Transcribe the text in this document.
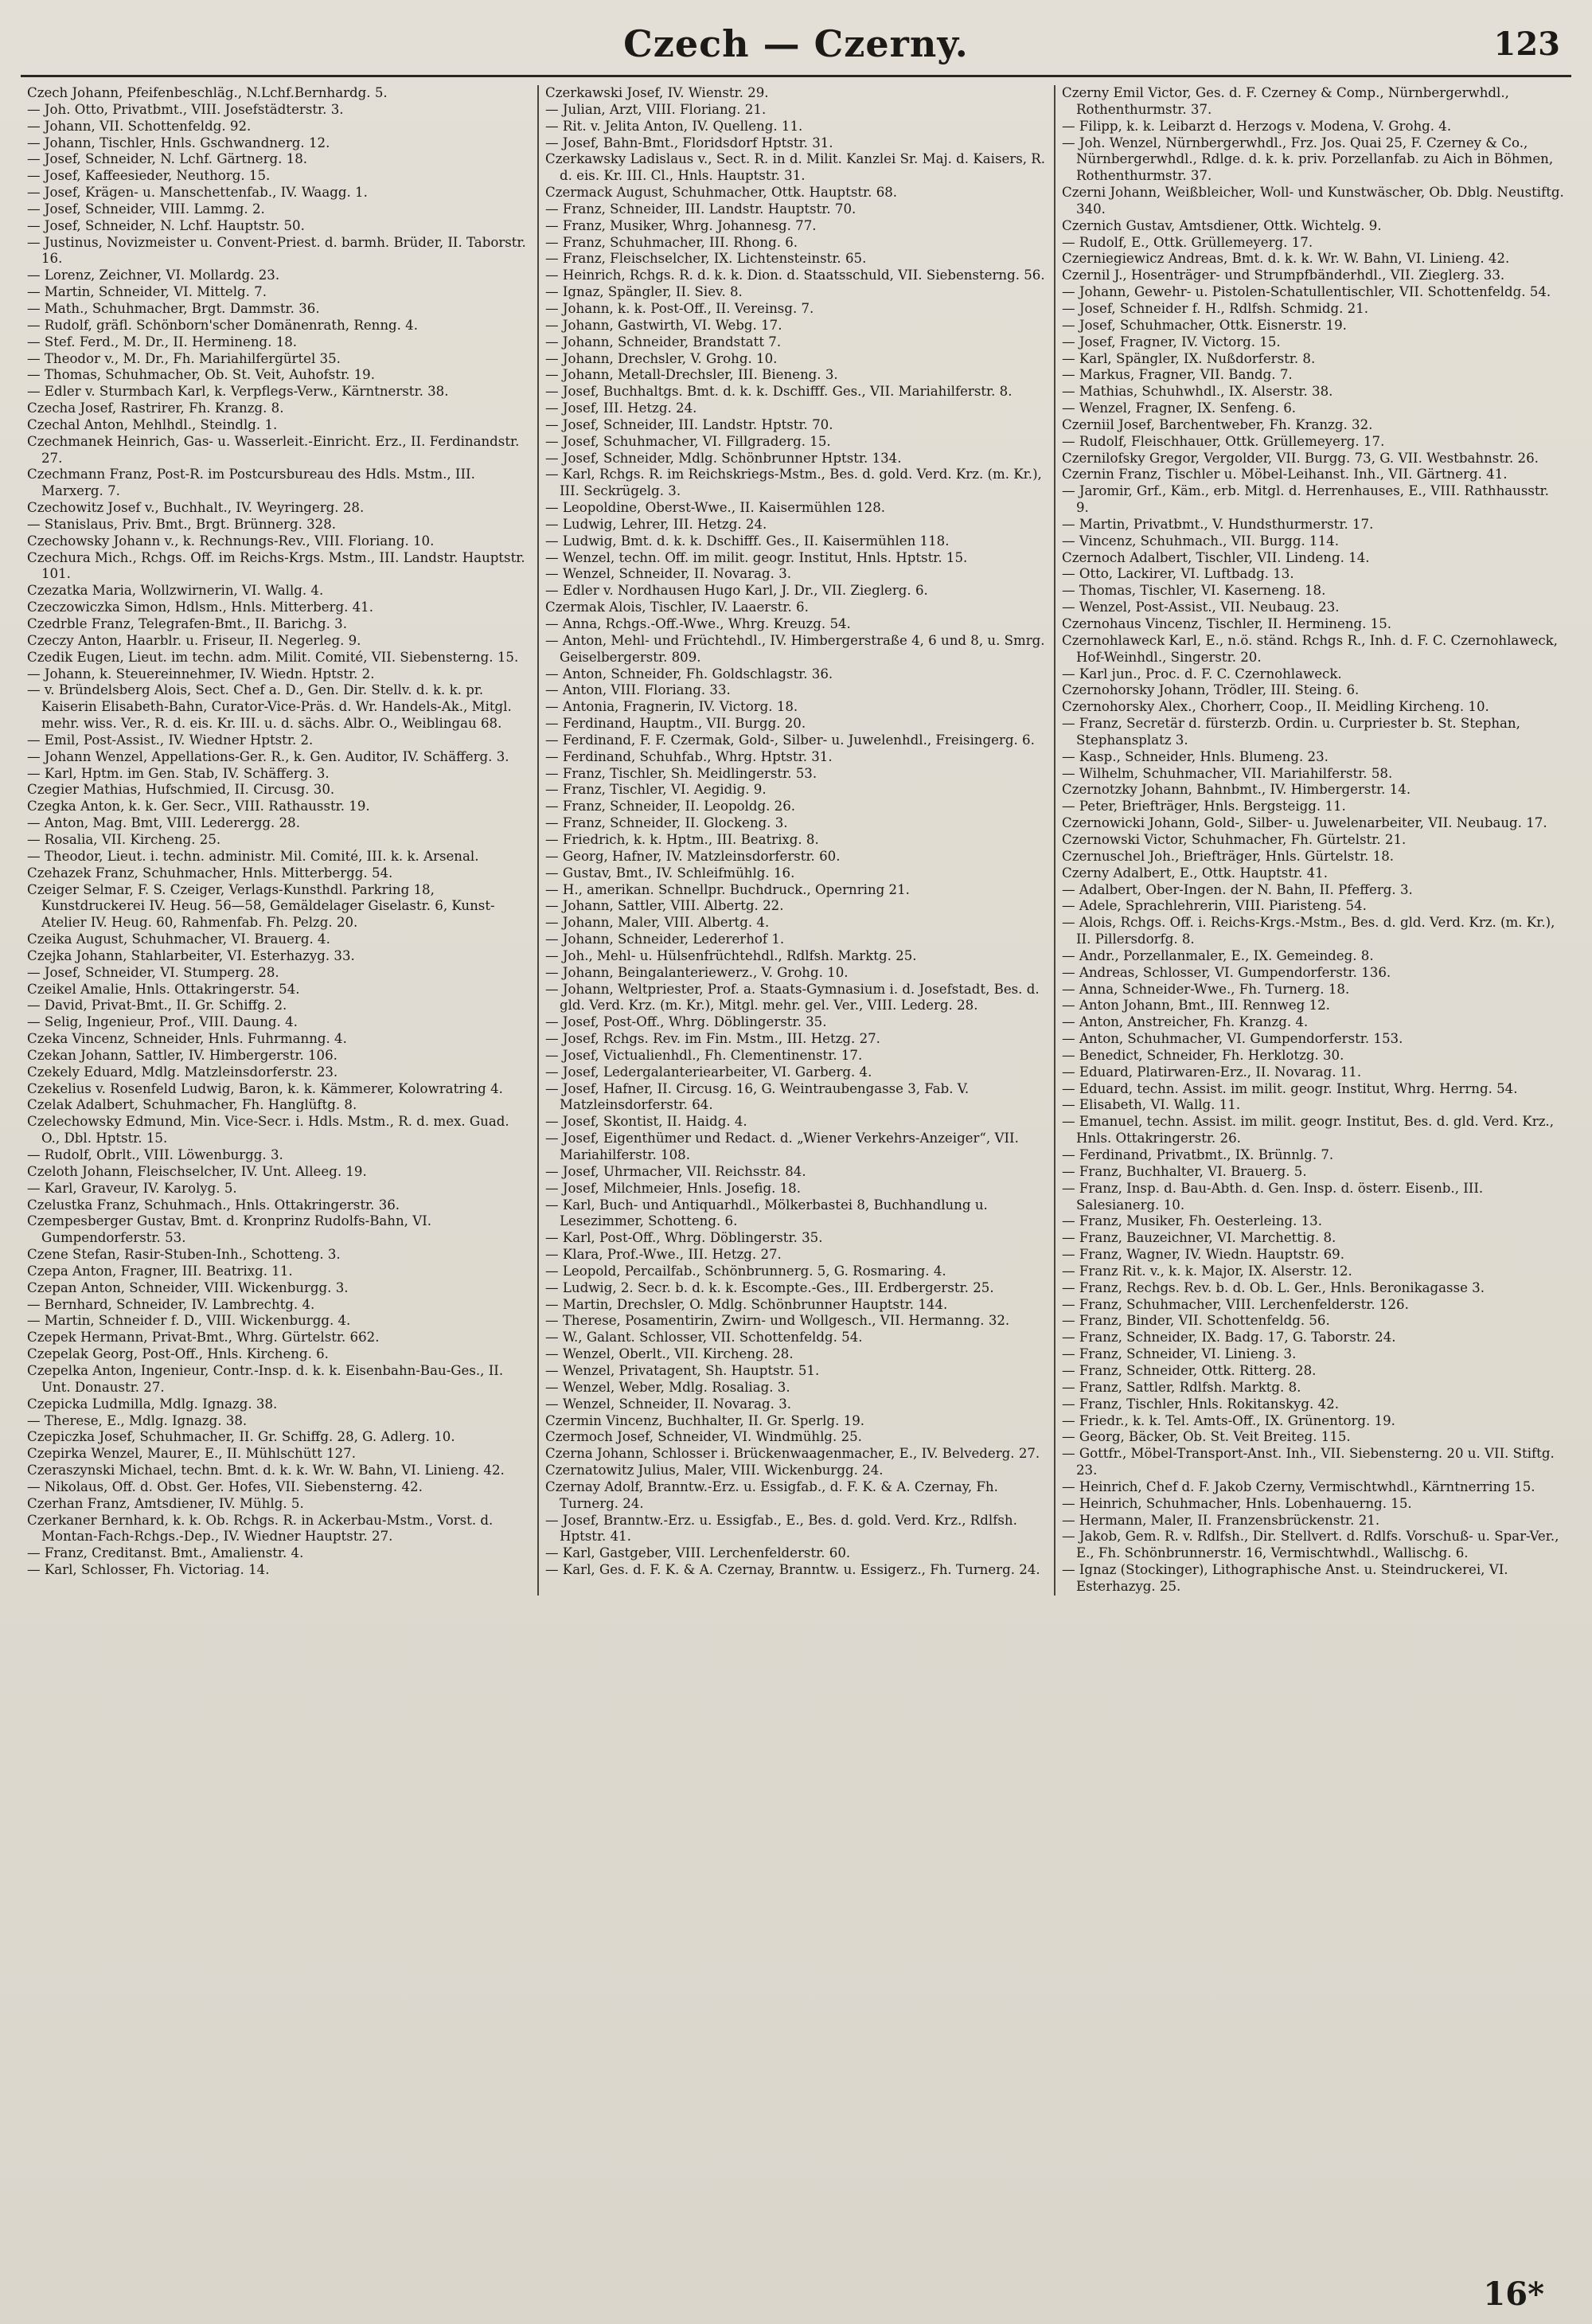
Czech — Czerny.	123
Czech Johann, Pfeifenbeschläg., N.Lchf.Bernhardg. 5.
— Joh. Otto, Privatbmt., VIII. Josefstädterstr. 3.
— Johann, VII. Schottenfeldg. 92.
— Johann, Tischler, Hnls. Gschwandnerg. 12.
— Josef, Schneider, N. Lchf. Gärtnerg. 18.
— Josef, Kaffeesieder, Neuthorg. 15.
— Josef, Krägen- u. Manschettenfab., IV. Waagg. 1.
— Josef, Schneider, VIII. Lammg. 2.
— Josef, Schneider, N. Lchf. Hauptstr. 50.
— Justinus, Novizmeister u. Convent-Priest. d. barmh. Brüder, II. Taborstr. 16.
— Lorenz, Zeichner, VI. Mollardg. 23.
— Martin, Schneider, VI. Mittelg. 7.
— Math., Schuhmacher, Brgt. Dammstr. 36.
— Rudolf, gräfl. Schönborn'scher Domänenrath, Renng. 4.
— Stef. Ferd., M. Dr., II. Hermineng. 18.
— Theodor v., M. Dr., Fh. Mariahilfergürtel 35.
— Thomas, Schuhmacher, Ob. St. Veit, Auhofstr. 19.
— Edler v. Sturmbach Karl, k. Verpflegs-Verw., Kärntnerstr. 38.
Czecha Josef, Rastrirer, Fh. Kranzg. 8.
Czechal Anton, Mehlhdl., Steindlg. 1.
Czechmanek Heinrich, Gas- u. Wasserleit.-Einricht. Erz., II. Ferdinandstr. 27.
Czechmann Franz, Post-R. im Postcursbureau des Hdls. Mstm., III. Marxerg. 7.
Czechowitz Josef v., Buchhalt., IV. Weyringerg. 28.
— Stanislaus, Priv. Bmt., Brgt. Brünnerg. 328.
Czechowsky Johann v., k. Rechnungs-Rev., VIII. Floriang. 10.
Czechura Mich., Rchgs. Off. im Reichs-Krgs. Mstm., III. Landstr. Hauptstr. 101.
Czezatka Maria, Wollzwirnerin, VI. Wallg. 4.
Czeczowiczka Simon, Hdlsm., Hnls. Mitterberg. 41.
Czedrble Franz, Telegrafen-Bmt., II. Barichg. 3.
Czeczy Anton, Haarblr. u. Friseur, II. Negerleg. 9.
Czedik Eugen, Lieut. im techn. adm. Milit. Comité, VII. Siebensterng. 15.
— Johann, k. Steuereinnehmer, IV. Wiedn. Hptstr. 2.
— v. Bründelsberg Alois, Sect. Chef a. D., Gen. Dir. Stellv. d. k. k. pr. Kaiserin Elisabeth-Bahn, Curator-Vice-Präs. d. Wr. Handels-Ak., Mitgl. mehr. wiss. Ver., R. d. eis. Kr. III. u. d. sächs. Albr. O., Weiblingau 68.
— Emil, Post-Assist., IV. Wiedner Hptstr. 2.
— Johann Wenzel, Appellations-Ger. R., k. Gen. Auditor, IV. Schäfferg. 3.
— Karl, Hptm. im Gen. Stab, IV. Schäfferg. 3.
Czegier Mathias, Hufschmied, II. Circusg. 30.
Czegka Anton, k. k. Ger. Secr., VIII. Rathausstr. 19.
— Anton, Mag. Bmt, VIII. Lederergg. 28.
— Rosalia, VII. Kircheng. 25.
— Theodor, Lieut. i. techn. administr. Mil. Comité, III. k. k. Arsenal.
Czehazek Franz, Schuhmacher, Hnls. Mitterbergg. 54.
Czeiger Selmar, F. S. Czeiger, Verlags-Kunsthdl. Parkring 18, Kunstdruckerei IV. Heug. 56—58, Gemäldelager Giselastr. 6, Kunst-Atelier IV. Heug. 60, Rahmenfab. Fh. Pelzg. 20.
Czeika August, Schuhmacher, VI. Brauerg. 4.
Czejka Johann, Stahlarbeiter, VI. Esterhazyg. 33.
— Josef, Schneider, VI. Stumperg. 28.
Czeikel Amalie, Hnls. Ottakringerstr. 54.
— David, Privat-Bmt., II. Gr. Schiffg. 2.
— Selig, Ingenieur, Prof., VIII. Daung. 4.
Czeka Vincenz, Schneider, Hnls. Fuhrmanng. 4.
Czekan Johann, Sattler, IV. Himbergerstr. 106.
Czekely Eduard, Mdlg. Matzleinsdorferstr. 23.
Czekelius v. Rosenfeld Ludwig, Baron, k. k. Kämmerer, Kolowratring 4.
Czelak Adalbert, Schuhmacher, Fh. Hanglüftg. 8.
Czelechowsky Edmund, Min. Vice-Secr. i. Hdls. Mstm., R. d. mex. Guad. O., Dbl. Hptstr. 15.
— Rudolf, Obrlt., VIII. Löwenburgg. 3.
Czeloth Johann, Fleischselcher, IV. Unt. Alleeg. 19.
— Karl, Graveur, IV. Karolyg. 5.
Czelustka Franz, Schuhmach., Hnls. Ottakringerstr. 36.
Czempesberger Gustav, Bmt. d. Kronprinz Rudolfs-Bahn, VI. Gumpendorferstr. 53.
Czene Stefan, Rasir-Stuben-Inh., Schotteng. 3.
Czepa Anton, Fragner, III. Beatrixg. 11.
Czepan Anton, Schneider, VIII. Wickenburgg. 3.
— Bernhard, Schneider, IV. Lambrechtg. 4.
— Martin, Schneider f. D., VIII. Wickenburgg. 4.
Czepek Hermann, Privat-Bmt., Whrg. Gürtelstr. 662.
Czepelak Georg, Post-Off., Hnls. Kircheng. 6.
Czepelka Anton, Ingenieur, Contr.-Insp. d. k. k. Eisenbahn-Bau-Ges., II. Unt. Donaustr. 27.
Czepicka Ludmilla, Mdlg. Ignazg. 38.
— Therese, E., Mdlg. Ignazg. 38.
Czepiczka Josef, Schuhmacher, II. Gr. Schiffg. 28, G. Adlerg. 10.
Czepirka Wenzel, Maurer, E., II. Mühlschütt 127.
Czeraszynski Michael, techn. Bmt. d. k. k. Wr. W. Bahn, VI. Linieng. 42.
— Nikolaus, Off. d. Obst. Ger. Hofes, VII. Siebensterng. 42.
Czerhan Franz, Amtsdiener, IV. Mühlg. 5.
Czerkaner Bernhard, k. k. Ob. Rchgs. R. in Ackerbau-Mstm., Vorst. d. Montan-Fach-Rchgs.-Dep., IV. Wiedner Hauptstr. 27.
— Franz, Creditanst. Bmt., Amalienstr. 4.
— Karl, Schlosser, Fh. Victoriag. 14.
Czerkawski Josef, IV. Wienstr. 29.
— Julian, Arzt, VIII. Floriang. 21.
— Rit. v. Jelita Anton, IV. Quelleng. 11.
— Josef, Bahn-Bmt., Floridsdorf Hptstr. 31.
Czerkawsky Ladislaus v., Sect. R. in d. Milit. Kanzlei Sr. Maj. d. Kaisers, R. d. eis. Kr. III. Cl., Hnls. Hauptstr. 31.
Czermack August, Schuhmacher, Ottk. Hauptstr. 68.
— Franz, Schneider, III. Landstr. Hauptstr. 70.
— Franz, Musiker, Whrg. Johannesg. 77.
— Franz, Schuhmacher, III. Rhong. 6.
— Franz, Fleischselcher, IX. Lichtensteinstr. 65.
— Heinrich, Rchgs. R. d. k. k. Dion. d. Staatsschuld, VII. Siebensterng. 56.
— Ignaz, Spängler, II. Siev. 8.
— Johann, k. k. Post-Off., II. Vereinsg. 7.
— Johann, Gastwirth, VI. Webg. 17.
— Johann, Schneider, Brandstatt 7.
— Johann, Drechsler, V. Grohg. 10.
— Johann, Metall-Drechsler, III. Bieneng. 3.
— Josef, Buchhaltgs. Bmt. d. k. k. Dschifff. Ges., VII. Mariahilferstr. 8.
— Josef, III. Hetzg. 24.
— Josef, Schneider, III. Landstr. Hptstr. 70.
— Josef, Schuhmacher, VI. Fillgraderg. 15.
— Josef, Schneider, Mdlg. Schönbrunner Hptstr. 134.
— Karl, Rchgs. R. im Reichskriegs-Mstm., Bes. d. gold. Verd. Krz. (m. Kr.), III. Seckrügelg. 3.
— Leopoldine, Oberst-Wwe., II. Kaisermühlen 128.
— Ludwig, Lehrer, III. Hetzg. 24.
— Ludwig, Bmt. d. k. k. Dschifff. Ges., II. Kaisermühlen 118.
— Wenzel, techn. Off. im milit. geogr. Institut, Hnls. Hptstr. 15.
— Wenzel, Schneider, II. Novarag. 3.
— Edler v. Nordhausen Hugo Karl, J. Dr., VII. Zieglerg. 6.
Czermak Alois, Tischler, IV. Laaerstr. 6.
— Anna, Rchgs.-Off.-Wwe., Whrg. Kreuzg. 54.
— Anton, Mehl- und Früchtehdl., IV. Himbergerstraße 4, 6 und 8, u. Smrg. Geiselbergerstr. 809.
— Anton, Schneider, Fh. Goldschlagstr. 36.
— Anton, VIII. Floriang. 33.
— Antonia, Fragnerin, IV. Victorg. 18.
— Ferdinand, Hauptm., VII. Burgg. 20.
— Ferdinand, F. F. Czermak, Gold-, Silber- u. Juwelenhdl., Freisingerg. 6.
— Ferdinand, Schuhfab., Whrg. Hptstr. 31.
— Franz, Tischler, Sh. Meidlingerstr. 53.
— Franz, Tischler, VI. Aegidig. 9.
— Franz, Schneider, II. Leopoldg. 26.
— Franz, Schneider, II. Glockeng. 3.
— Friedrich, k. k. Hptm., III. Beatrixg. 8.
— Georg, Hafner, IV. Matzleinsdorferstr. 60.
— Gustav, Bmt., IV. Schleifmühlg. 16.
— H., amerikan. Schnellpr. Buchdruck., Opernring 21.
— Johann, Sattler, VIII. Albertg. 22.
— Johann, Maler, VIII. Albertg. 4.
— Johann, Schneider, Ledererhof 1.
— Joh., Mehl- u. Hülsenfrüchtehdl., Rdlfsh. Marktg. 25.
— Johann, Beingalanteriewerz., V. Grohg. 10.
— Johann, Weltpriester, Prof. a. Staats-Gymnasium i. d. Josefstadt, Bes. d. gld. Verd. Krz. (m. Kr.), Mitgl. mehr. gel. Ver., VIII. Lederg. 28.
— Josef, Post-Off., Whrg. Döblingerstr. 35.
— Josef, Rchgs. Rev. im Fin. Mstm., III. Hetzg. 27.
— Josef, Victualienhdl., Fh. Clementinenstr. 17.
— Josef, Ledergalanteriearbeiter, VI. Garberg. 4.
— Josef, Hafner, II. Circusg. 16, G. Weintraubengasse 3, Fab. V. Matzleinsdorferstr. 64.
— Josef, Skontist, II. Haidg. 4.
— Josef, Eigenthümer und Redact. d. „Wiener Verkehrs-Anzeiger“, VII. Mariahilferstr. 108.
— Josef, Uhrmacher, VII. Reichsstr. 84.
— Josef, Milchmeier, Hnls. Josefig. 18.
— Karl, Buch- und Antiquarhdl., Mölkerbastei 8, Buchhandlung u. Lesezimmer, Schotteng. 6.
— Karl, Post-Off., Whrg. Döblingerstr. 35.
— Klara, Prof.-Wwe., III. Hetzg. 27.
— Leopold, Percailfab., Schönbrunnerg. 5, G. Rosmaring. 4.
— Ludwig, 2. Secr. b. d. k. k. Escompte.-Ges., III. Erdbergerstr. 25.
— Martin, Drechsler, O. Mdlg. Schönbrunner Hauptstr. 144.
— Therese, Posamentirin, Zwirn- und Wollgesch., VII. Hermanng. 32.
— W., Galant. Schlosser, VII. Schottenfeldg. 54.
— Wenzel, Oberlt., VII. Kircheng. 28.
— Wenzel, Privatagent, Sh. Hauptstr. 51.
— Wenzel, Weber, Mdlg. Rosaliag. 3.
— Wenzel, Schneider, II. Novarag. 3.
Czermin Vincenz, Buchhalter, II. Gr. Sperlg. 19.
Czermoch Josef, Schneider, VI. Windmühlg. 25.
Czerna Johann, Schlosser i. Brückenwaagenmacher, E., IV. Belvederg. 27.
Czernatowitz Julius, Maler, VIII. Wickenburgg. 24.
Czernay Adolf, Branntw.-Erz. u. Essigfab., d. F. K. & A. Czernay, Fh. Turnerg. 24.
— Josef, Branntw.-Erz. u. Essigfab., E., Bes. d. gold. Verd. Krz., Rdlfsh. Hptstr. 41.
— Karl, Gastgeber, VIII. Lerchenfelderstr. 60.
— Karl, Ges. d. F. K. & A. Czernay, Branntw. u. Essigerz., Fh. Turnerg. 24.
Czerny Emil Victor, Ges. d. F. Czerney & Comp., Nürnbergerwhdl., Rothenthurmstr. 37.
— Filipp, k. k. Leibarzt d. Herzogs v. Modena, V. Grohg. 4.
— Joh. Wenzel, Nürnbergerwhdl., Frz. Jos. Quai 25, F. Czerney & Co., Nürnbergerwhdl., Rdlge. d. k. k. priv. Porzellanfab. zu Aich in Böhmen, Rothenthurmstr. 37.
Czerni Johann, Weißbleicher, Woll- und Kunstwäscher, Ob. Dblg. Neustiftg. 340.
Czernich Gustav, Amtsdiener, Ottk. Wichtelg. 9.
— Rudolf, E., Ottk. Grüllemeyerg. 17.
Czerniegiewicz Andreas, Bmt. d. k. k. Wr. W. Bahn, VI. Linieng. 42.
Czernil J., Hosenträger- und Strumpfbänderhdl., VII. Zieglerg. 33.
— Johann, Gewehr- u. Pistolen-Schatullentischler, VII. Schottenfeldg. 54.
— Josef, Schneider f. H., Rdlfsh. Schmidg. 21.
— Josef, Schuhmacher, Ottk. Eisnerstr. 19.
— Josef, Fragner, IV. Victorg. 15.
— Karl, Spängler, IX. Nußdorferstr. 8.
— Markus, Fragner, VII. Bandg. 7.
— Mathias, Schuhwhdl., IX. Alserstr. 38.
— Wenzel, Fragner, IX. Senfeng. 6.
Czerniil Josef, Barchentweber, Fh. Kranzg. 32.
— Rudolf, Fleischhauer, Ottk. Grüllemeyerg. 17.
Czernilofsky Gregor, Vergolder, VII. Burgg. 73, G. VII. Westbahnstr. 26.
Czernin Franz, Tischler u. Möbel-Leihanst. Inh., VII. Gärtnerg. 41.
— Jaromir, Grf., Käm., erb. Mitgl. d. Herrenhauses, E., VIII. Rathhausstr. 9.
— Martin, Privatbmt., V. Hundsthurmerstr. 17.
— Vincenz, Schuhmach., VII. Burgg. 114.
Czernoch Adalbert, Tischler, VII. Lindeng. 14.
— Otto, Lackirer, VI. Luftbadg. 13.
— Thomas, Tischler, VI. Kaserneng. 18.
— Wenzel, Post-Assist., VII. Neubaug. 23.
Czernohaus Vincenz, Tischler, II. Hermineng. 15.
Czernohlaweck Karl, E., n.ö. ständ. Rchgs R., Inh. d. F. C. Czernohlaweck, Hof-Weinhdl., Singerstr. 20.
— Karl jun., Proc. d. F. C. Czernohlaweck.
Czernohorsky Johann, Trödler, III. Steing. 6.
Czernohorsky Alex., Chorherr, Coop., II. Meidling Kircheng. 10.
— Franz, Secretär d. fürsterzb. Ordin. u. Curpriester b. St. Stephan, Stephansplatz 3.
— Kasp., Schneider, Hnls. Blumeng. 23.
— Wilhelm, Schuhmacher, VII. Mariahilferstr. 58.
Czernotzky Johann, Bahnbmt., IV. Himbergerstr. 14.
— Peter, Briefträger, Hnls. Bergsteigg. 11.
Czernowicki Johann, Gold-, Silber- u. Juwelenarbeiter, VII. Neubaug. 17.
Czernowski Victor, Schuhmacher, Fh. Gürtelstr. 21.
Czernuschel Joh., Briefträger, Hnls. Gürtelstr. 18.
Czerny Adalbert, E., Ottk. Hauptstr. 41.
— Adalbert, Ober-Ingen. der N. Bahn, II. Pfefferg. 3.
— Adele, Sprachlehrerin, VIII. Piaristeng. 54.
— Alois, Rchgs. Off. i. Reichs-Krgs.-Mstm., Bes. d. gld. Verd. Krz. (m. Kr.), II. Pillersdorfg. 8.
— Andr., Porzellanmaler, E., IX. Gemeindeg. 8.
— Andreas, Schlosser, VI. Gumpendorferstr. 136.
— Anna, Schneider-Wwe., Fh. Turnerg. 18.
— Anton Johann, Bmt., III. Rennweg 12.
— Anton, Anstreicher, Fh. Kranzg. 4.
— Anton, Schuhmacher, VI. Gumpendorferstr. 153.
— Benedict, Schneider, Fh. Herklotzg. 30.
— Eduard, Platirwaren-Erz., II. Novarag. 11.
— Eduard, techn. Assist. im milit. geogr. Institut, Whrg. Herrng. 54.
— Elisabeth, VI. Wallg. 11.
— Emanuel, techn. Assist. im milit. geogr. Institut, Bes. d. gld. Verd. Krz., Hnls. Ottakringerstr. 26.
— Ferdinand, Privatbmt., IX. Brünnlg. 7.
— Franz, Buchhalter, VI. Brauerg. 5.
— Franz, Insp. d. Bau-Abth. d. Gen. Insp. d. österr. Eisenb., III. Salesianerg. 10.
— Franz, Musiker, Fh. Oesterleing. 13.
— Franz, Bauzeichner, VI. Marchettig. 8.
— Franz, Wagner, IV. Wiedn. Hauptstr. 69.
— Franz Rit. v., k. k. Major, IX. Alserstr. 12.
— Franz, Rechgs. Rev. b. d. Ob. L. Ger., Hnls. Beronikagasse 3.
— Franz, Schuhmacher, VIII. Lerchenfelderstr. 126.
— Franz, Binder, VII. Schottenfeldg. 56.
— Franz, Schneider, IX. Badg. 17, G. Taborstr. 24.
— Franz, Schneider, VI. Linieng. 3.
— Franz, Schneider, Ottk. Ritterg. 28.
— Franz, Sattler, Rdlfsh. Marktg. 8.
— Franz, Tischler, Hnls. Rokitanskyg. 42.
— Friedr., k. k. Tel. Amts-Off., IX. Grünentorg. 19.
— Georg, Bäcker, Ob. St. Veit Breiteg. 115.
— Gottfr., Möbel-Transport-Anst. Inh., VII. Siebensterng. 20 u. VII. Stiftg. 23.
— Heinrich, Chef d. F. Jakob Czerny, Vermischtwhdl., Kärntnerring 15.
— Heinrich, Schuhmacher, Hnls. Lobenhauerng. 15.
— Hermann, Maler, II. Franzensbrückenstr. 21.
— Jakob, Gem. R. v. Rdlfsh., Dir. Stellvert. d. Rdlfs. Vorschuß- u. Spar-Ver., E., Fh. Schönbrunnerstr. 16, Vermischtwhdl., Wallischg. 6.
— Ignaz (Stockinger), Lithographische Anst. u. Steindruckerei, VI. Esterhazyg. 25.
16*
